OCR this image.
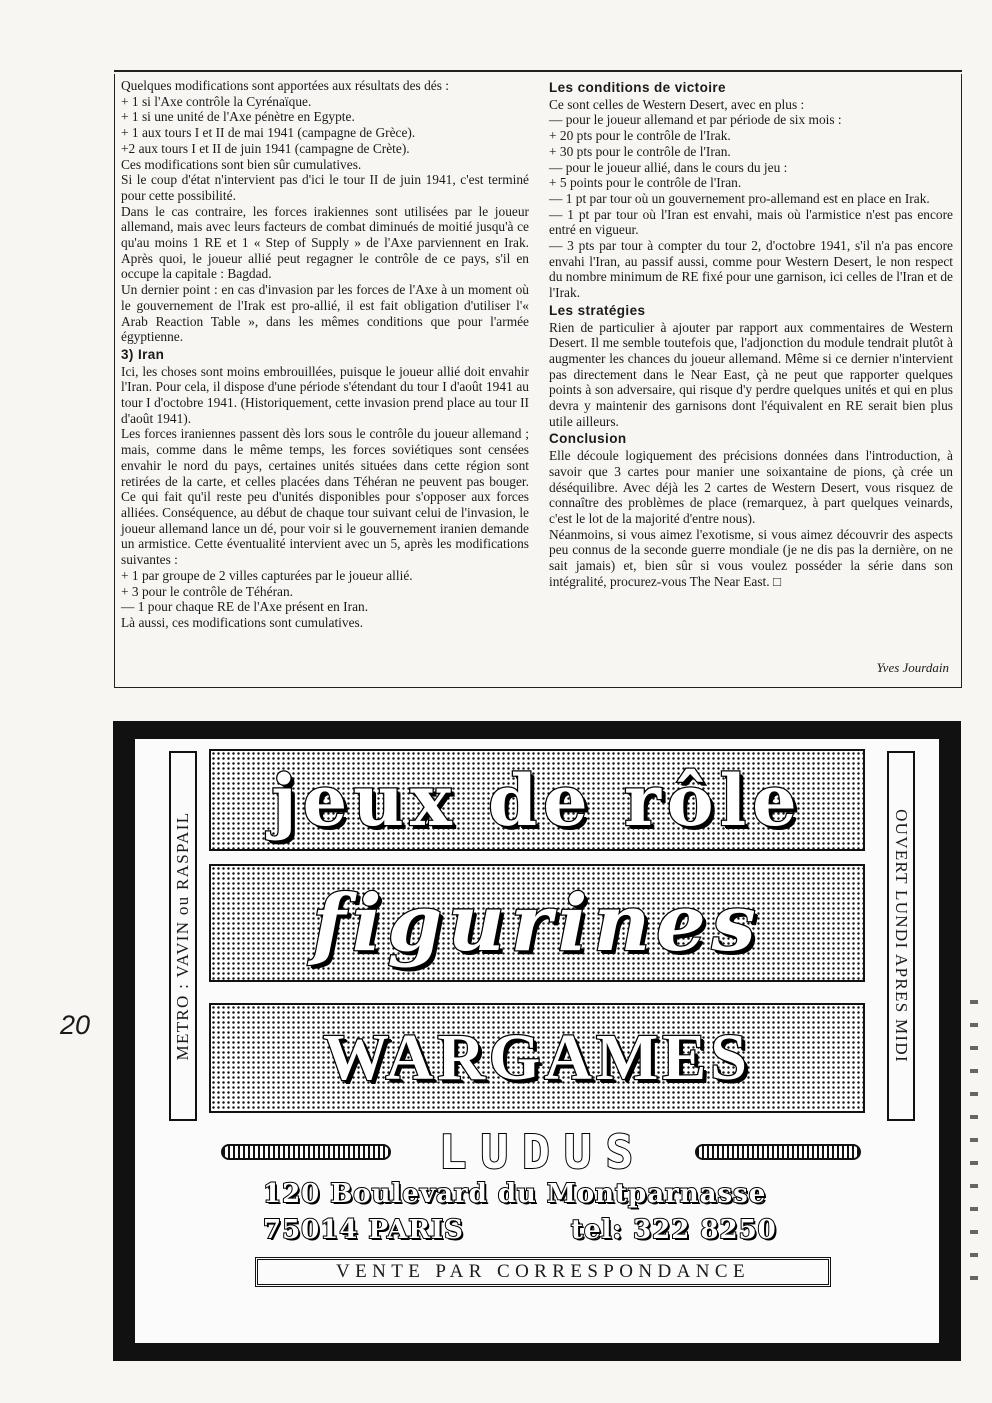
Quelques modifications sont apportées aux résultats des dés :

+ 1 si l'Axe contrôle la Cyrénaïque.

+ 1 si une unité de l'Axe pénètre en Egypte.

+ 1 aux tours I et II de mai 1941 (campagne de Grèce).

+2 aux tours I et II de juin 1941 (campagne de Crète).

Ces modifications sont bien sûr cumulatives.

Si le coup d'état n'intervient pas d'ici le tour II de juin 1941, c'est terminé pour cette possibilité.

Dans le cas contraire, les forces irakiennes sont utilisées par le joueur allemand, mais avec leurs facteurs de combat diminués de moitié jusqu'à ce qu'au moins 1 RE et 1 « Step of Supply » de l'Axe parviennent en Irak. Après quoi, le joueur allié peut regagner le contrôle de ce pays, s'il en occupe la capitale : Bagdad.

Un dernier point : en cas d'invasion par les forces de l'Axe à un moment où le gouvernement de l'Irak est pro-allié, il est fait obligation d'utiliser l'« Arab Reaction Table », dans les mêmes conditions que pour l'armée égyptienne.

3) Iran

Ici, les choses sont moins embrouillées, puisque le joueur allié doit envahir l'Iran. Pour cela, il dispose d'une période s'étendant du tour I d'août 1941 au tour I d'octobre 1941. (Historiquement, cette invasion prend place au tour II d'août 1941).

Les forces iraniennes passent dès lors sous le contrôle du joueur allemand ; mais, comme dans le même temps, les forces soviétiques sont censées envahir le nord du pays, certaines unités situées dans cette région sont retirées de la carte, et celles placées dans Téhéran ne peuvent pas bouger. Ce qui fait qu'il reste peu d'unités disponibles pour s'opposer aux forces alliées. Conséquence, au début de chaque tour suivant celui de l'invasion, le joueur allemand lance un dé, pour voir si le gouvernement iranien demande un armistice. Cette éventualité intervient avec un 5, après les modifications suivantes :

+ 1 par groupe de 2 villes capturées par le joueur allié.

+ 3 pour le contrôle de Téhéran.

— 1 pour chaque RE de l'Axe présent en Iran.

Là aussi, ces modifications sont cumulatives.

Les conditions de victoire

Ce sont celles de Western Desert, avec en plus :

— pour le joueur allemand et par période de six mois :

+ 20 pts pour le contrôle de l'Irak.

+ 30 pts pour le contrôle de l'Iran.

— pour le joueur allié, dans le cours du jeu :

+ 5 points pour le contrôle de l'Iran.

— 1 pt par tour où un gouvernement pro-allemand est en place en Irak.

— 1 pt par tour où l'Iran est envahi, mais où l'armistice n'est pas encore entré en vigueur.

— 3 pts par tour à compter du tour 2, d'octobre 1941, s'il n'a pas encore envahi l'Iran, au passif aussi, comme pour Western Desert, le non respect du nombre minimum de RE fixé pour une garnison, ici celles de l'Iran et de l'Irak.

Les stratégies

Rien de particulier à ajouter par rapport aux commentaires de Western Desert. Il me semble toutefois que, l'adjonction du module tendrait plutôt à augmenter les chances du joueur allemand. Même si ce dernier n'intervient pas directement dans le Near East, çà ne peut que rapporter quelques points à son adversaire, qui risque d'y perdre quelques unités et qui en plus devra y maintenir des garnisons dont l'équivalent en RE serait bien plus utile ailleurs.

Conclusion

Elle découle logiquement des précisions données dans l'introduction, à savoir que 3 cartes pour manier une soixantaine de pions, çà crée un déséquilibre. Avec déjà les 2 cartes de Western Desert, vous risquez de connaître des problèmes de place (remarquez, à part quelques veinards, c'est le lot de la majorité d'entre nous).

Néanmoins, si vous aimez l'exotisme, si vous aimez découvrir des aspects peu connus de la seconde guerre mondiale (je ne dis pas la dernière, on ne sait jamais) et, bien sûr si vous voulez posséder la série dans son intégralité, procurez-vous The Near East. □

Yves Jourdain
20	METRO : VAVIN ou RASPAIL	OUVERT LUNDI APRES MIDI
jeux de rôle
figurines
WARGAMES
LUDUS
120 Boulevard du Montparnasse
75014 PARIS	tel: 322 8250
VENTE PAR CORRESPONDANCE
